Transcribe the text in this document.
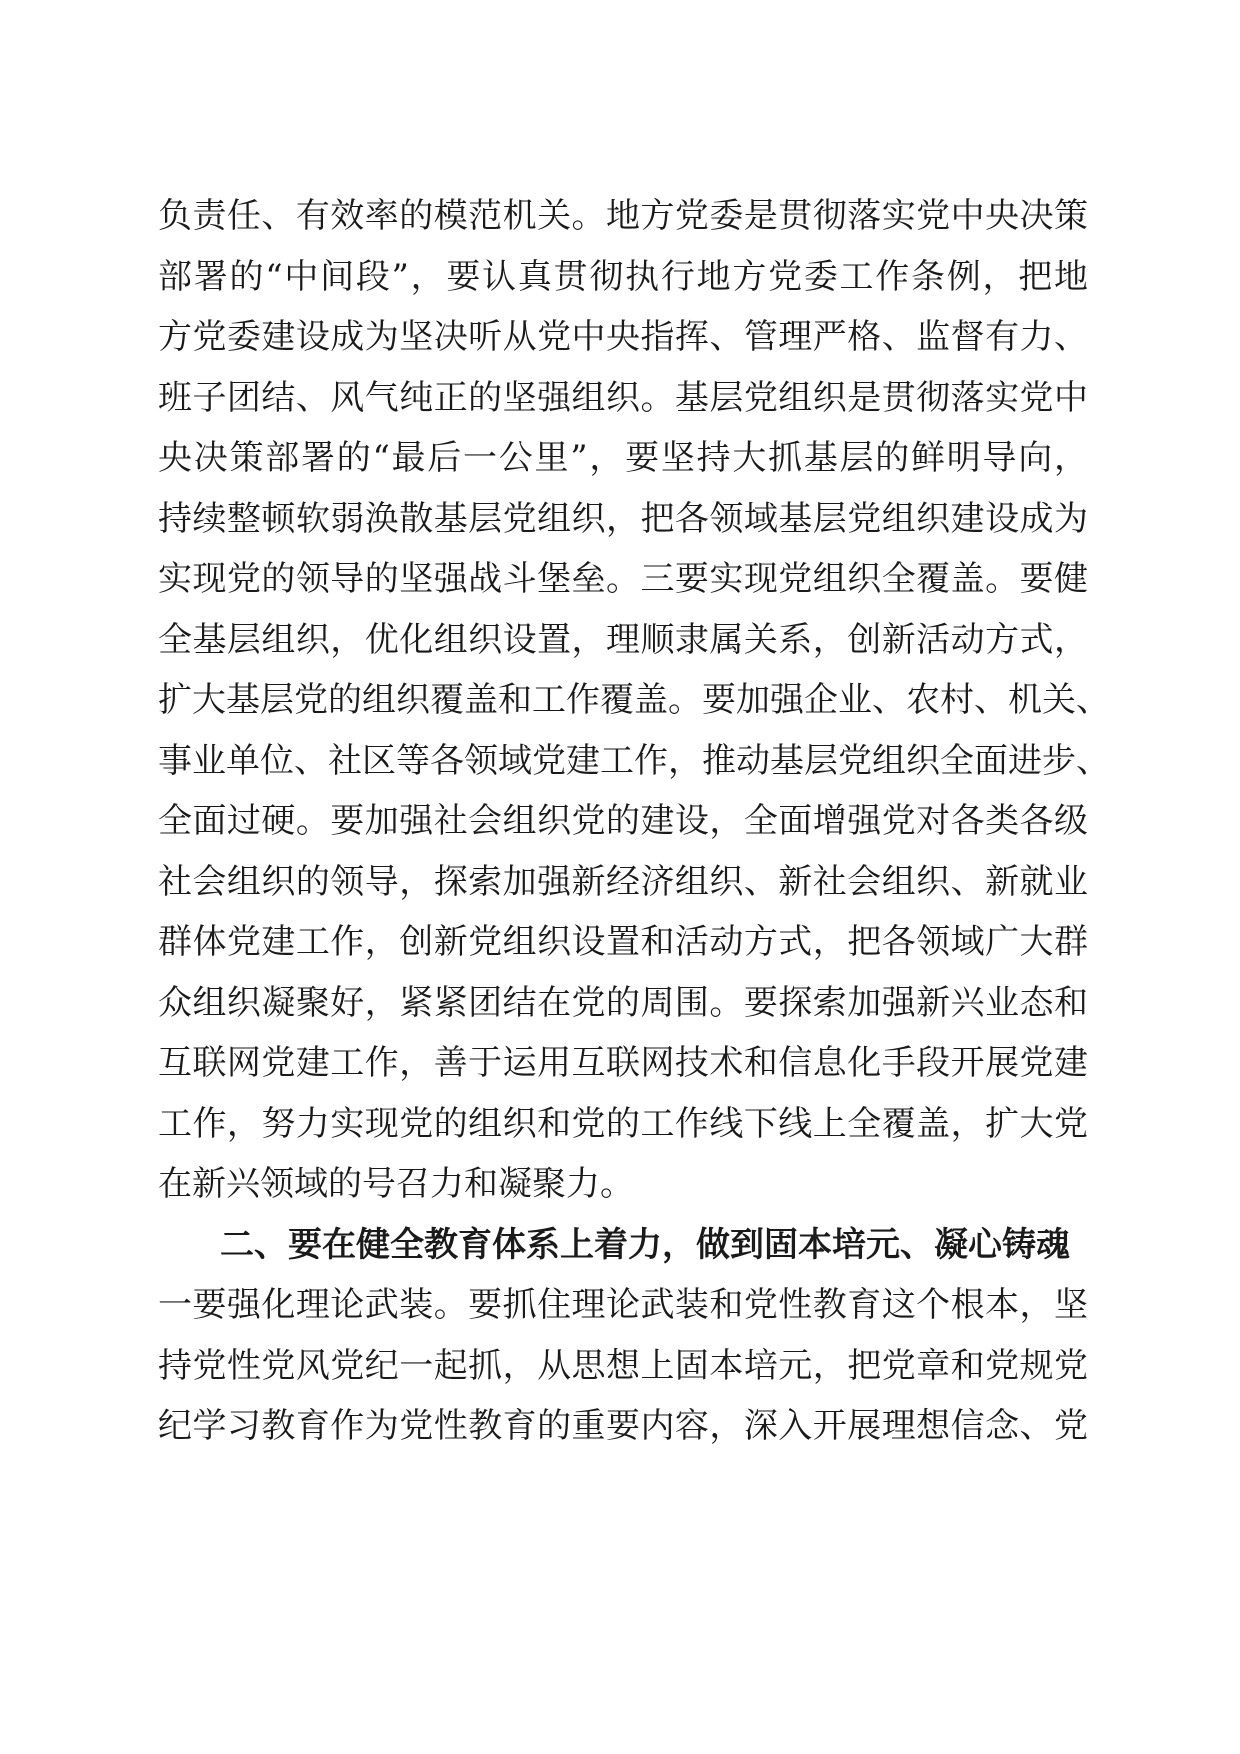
负责任、有效率的模范机关。地方党委是贯彻落实党中央决策
部署的“中间段”，要认真贯彻执行地方党委工作条例，把地
方党委建设成为坚决听从党中央指挥、管理严格、监督有力、
班子团结、风气纯正的坚强组织。基层党组织是贯彻落实党中
央决策部署的“最后一公里”，要坚持大抓基层的鲜明导向，
持续整顿软弱涣散基层党组织，把各领域基层党组织建设成为
实现党的领导的坚强战斗堡垒。三要实现党组织全覆盖。要健
全基层组织，优化组织设置，理顺隶属关系，创新活动方式，
扩大基层党的组织覆盖和工作覆盖。要加强企业、农村、机关、
事业单位、社区等各领域党建工作，推动基层党组织全面进步、
全面过硬。要加强社会组织党的建设，全面增强党对各类各级
社会组织的领导，探索加强新经济组织、新社会组织、新就业
群体党建工作，创新党组织设置和活动方式，把各领域广大群
众组织凝聚好，紧紧团结在党的周围。要探索加强新兴业态和
互联网党建工作，善于运用互联网技术和信息化手段开展党建
工作，努力实现党的组织和党的工作线下线上全覆盖，扩大党
在新兴领域的号召力和凝聚力。
二、要在健全教育体系上着力，做到固本培元、凝心铸魂
一要强化理论武装。要抓住理论武装和党性教育这个根本，坚
持党性党风党纪一起抓，从思想上固本培元，把党章和党规党
纪学习教育作为党性教育的重要内容，深入开展理想信念、党
